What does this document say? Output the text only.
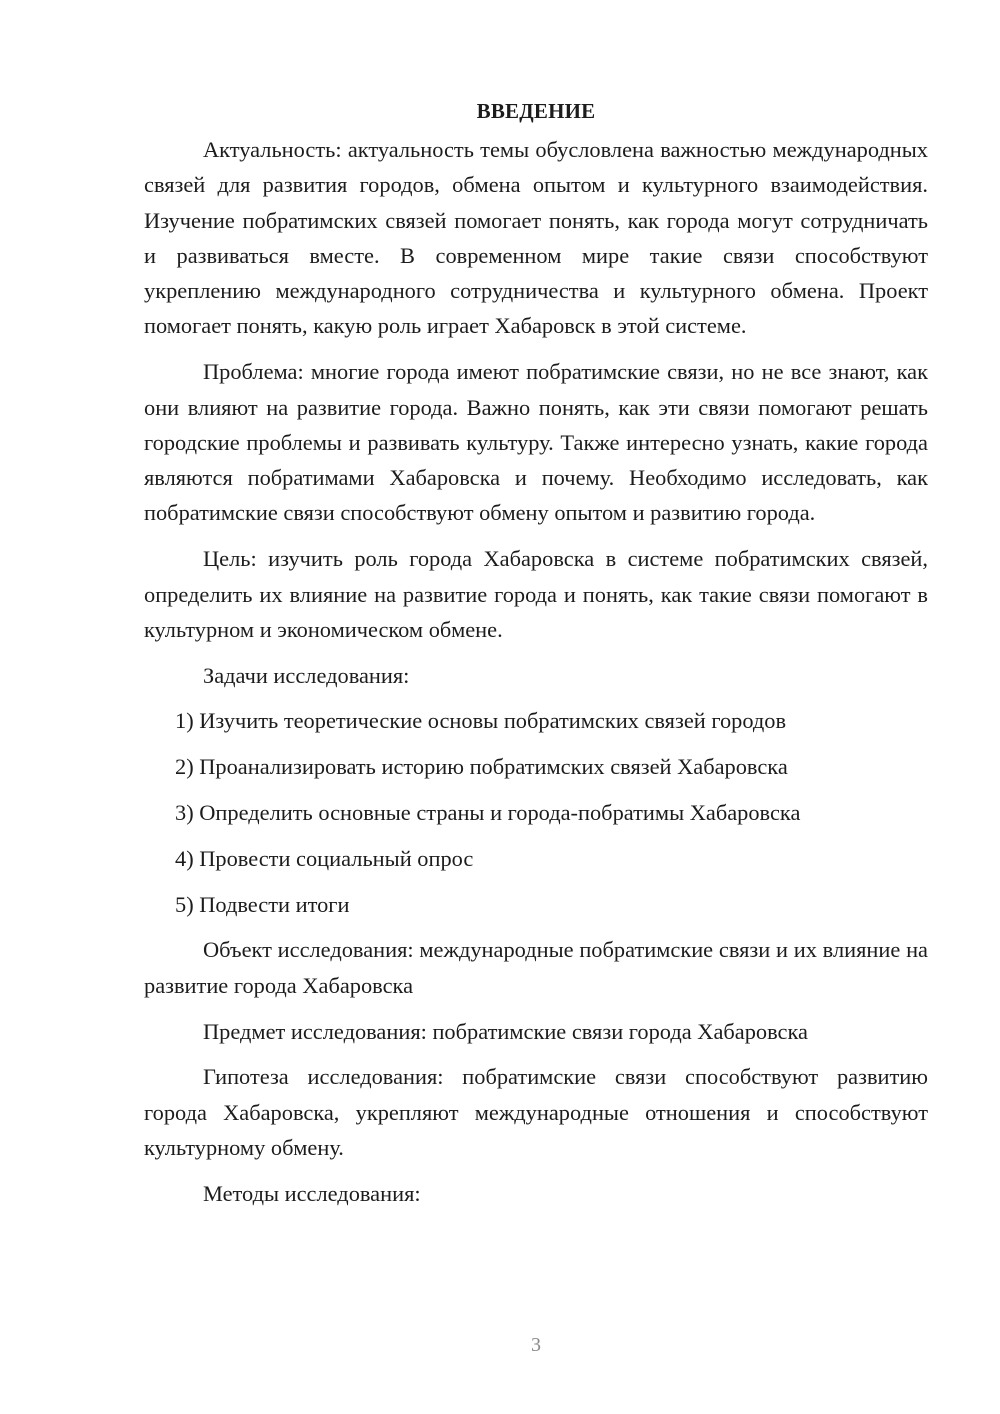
ВВЕДЕНИЕ

Актуальность: актуальность темы обусловлена важностью международных связей для развития городов, обмена опытом и культурного взаимодействия. Изучение побратимских связей помогает понять, как города могут сотрудничать и развиваться вместе. В современном мире такие связи способствуют укреплению международного сотрудничества и культурного обмена. Проект помогает понять, какую роль играет Хабаровск в этой системе.

Проблема: многие города имеют побратимские связи, но не все знают, как они влияют на развитие города. Важно понять, как эти связи помогают решать городские проблемы и развивать культуру. Также интересно узнать, какие города являются побратимами Хабаровска и почему. Необходимо исследовать, как побратимские связи способствуют обмену опытом и развитию города.

Цель: изучить роль города Хабаровска в системе побратимских связей, определить их влияние на развитие города и понять, как такие связи помогают в культурном и экономическом обмене.

Задачи исследования:

1) Изучить теоретические основы побратимских связей городов
2) Проанализировать историю побратимских связей Хабаровска
3) Определить основные страны и города-побратимы Хабаровска
4) Провести социальный опрос
5) Подвести итоги

Объект исследования: международные побратимские связи и их влияние на развитие города Хабаровска

Предмет исследования: побратимские связи города Хабаровска

Гипотеза исследования: побратимские связи способствуют развитию города Хабаровска, укрепляют международные отношения и способствуют культурному обмену.

Методы исследования:

3
